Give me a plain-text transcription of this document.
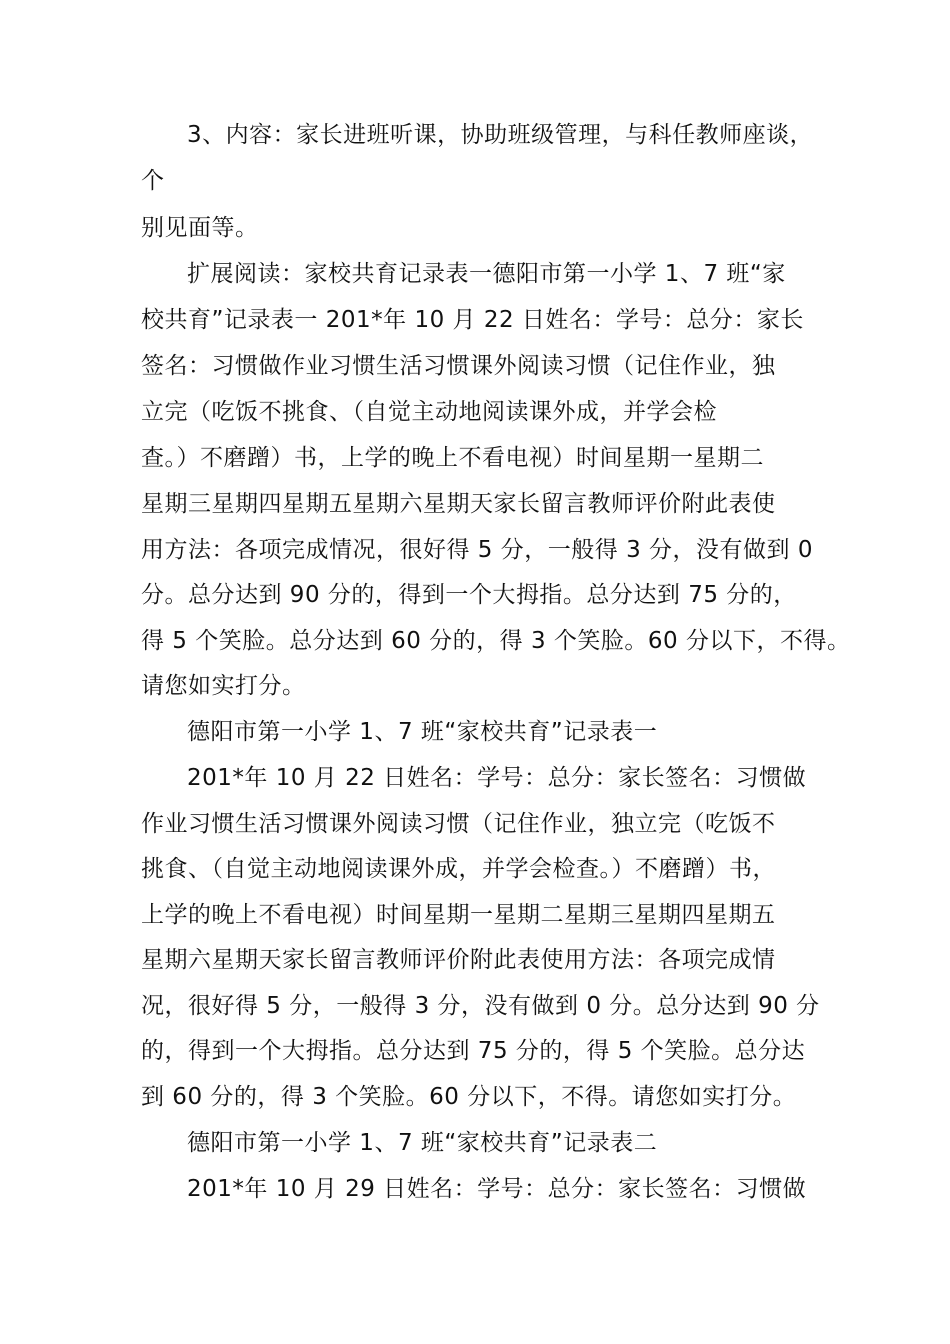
3、内容：家长进班听课，协助班级管理，与科任教师座谈，
个
别见面等。
扩展阅读：家校共育记录表一德阳市第一小学 1、7 班“家
校共育”记录表一 201*年 10 月 22 日姓名：学号：总分：家长
签名：习惯做作业习惯生活习惯课外阅读习惯（记住作业，独
立完（吃饭不挑食、（自觉主动地阅读课外成，并学会检
查。）不磨蹭）书，上学的晚上不看电视）时间星期一星期二
星期三星期四星期五星期六星期天家长留言教师评价附此表使
用方法：各项完成情况，很好得 5 分，一般得 3 分，没有做到 0
分。总分达到 90 分的，得到一个大拇指。总分达到 75 分的，
得 5 个笑脸。总分达到 60 分的，得 3 个笑脸。60 分以下，不得。
请您如实打分。
德阳市第一小学 1、7 班“家校共育”记录表一
201*年 10 月 22 日姓名：学号：总分：家长签名：习惯做
作业习惯生活习惯课外阅读习惯（记住作业，独立完（吃饭不
挑食、（自觉主动地阅读课外成，并学会检查。）不磨蹭）书，
上学的晚上不看电视）时间星期一星期二星期三星期四星期五
星期六星期天家长留言教师评价附此表使用方法：各项完成情
况，很好得 5 分，一般得 3 分，没有做到 0 分。总分达到 90 分
的，得到一个大拇指。总分达到 75 分的，得 5 个笑脸。总分达
到 60 分的，得 3 个笑脸。60 分以下，不得。请您如实打分。
德阳市第一小学 1、7 班“家校共育”记录表二
201*年 10 月 29 日姓名：学号：总分：家长签名：习惯做
